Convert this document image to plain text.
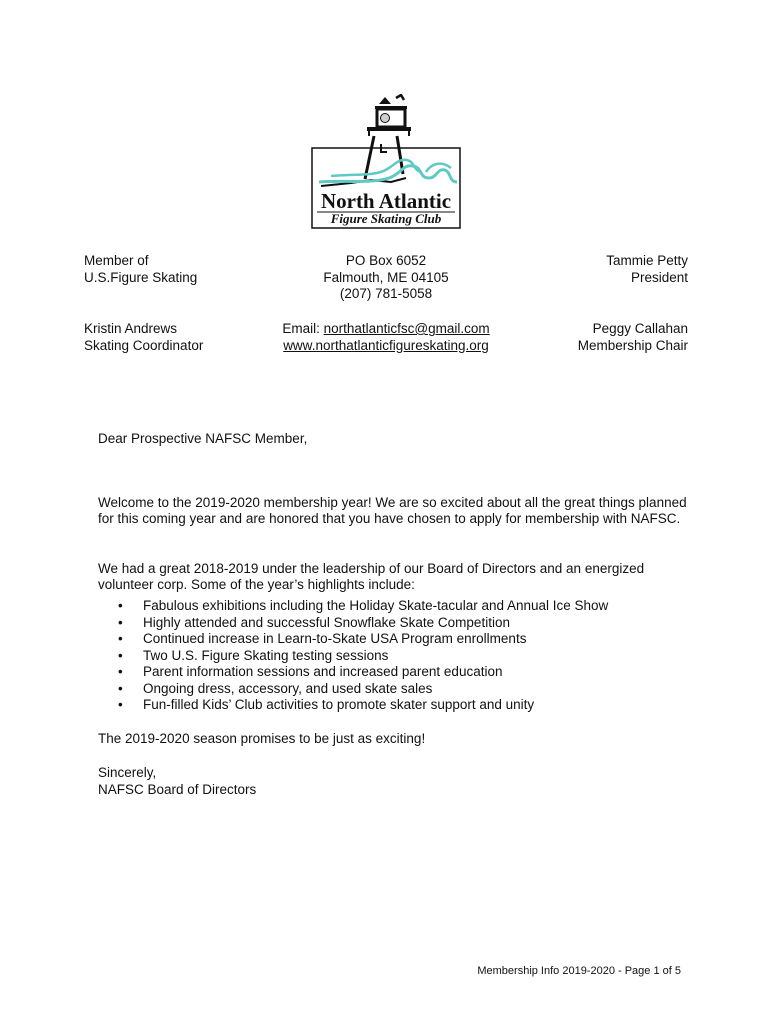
North Atlantic
Figure Skating Club
Member of
U.S.Figure Skating
PO Box 6052
Falmouth, ME 04105
(207) 781-5058
Tammie Petty
President
Kristin Andrews
Skating Coordinator
Email: northatlanticfsc@gmail.com
www.northatlanticfigureskating.org
Peggy Callahan
Membership Chair
Dear Prospective NAFSC Member,

Welcome to the 2019-2020 membership year! We are so excited about all the great things planned for this coming year and are honored that you have chosen to apply for membership with NAFSC.

We had a great 2018-2019 under the leadership of our Board of Directors and an energized volunteer corp. Some of the year’s highlights include:

• Fabulous exhibitions including the Holiday Skate-tacular and Annual Ice Show
• Highly attended and successful Snowflake Skate Competition
• Continued increase in Learn-to-Skate USA Program enrollments
• Two U.S. Figure Skating testing sessions
• Parent information sessions and increased parent education
• Ongoing dress, accessory, and used skate sales
• Fun-filled Kids’ Club activities to promote skater support and unity
The 2019-2020 season promises to be just as exciting!
Sincerely,
NAFSC Board of Directors
Membership Info 2019-2020 - Page 1 of 5
